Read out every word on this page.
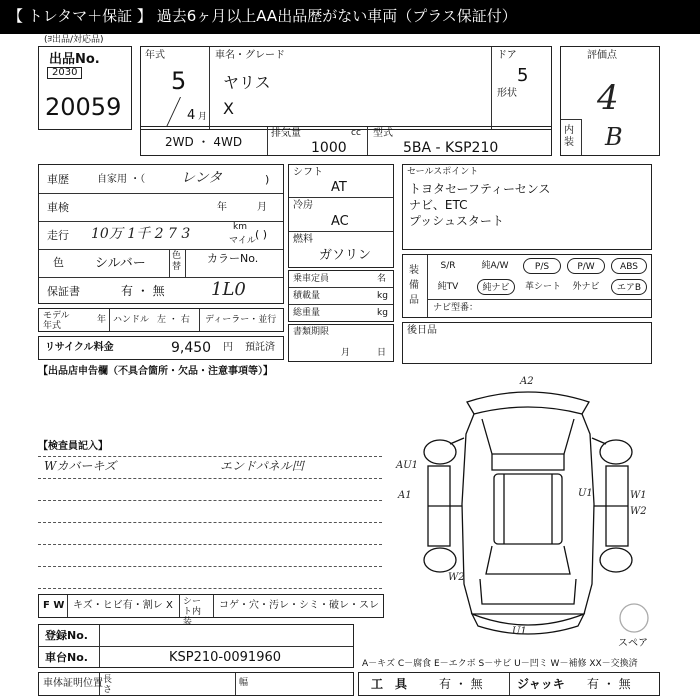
【 トレタマ＋保証 】 過去6ヶ月以上AA出品歴がない車両（プラス保証付）
(ﾖ出品/対応品)
出品No.
2030
20059
年式
5
4 月
車名・グレード
ヤリス
X
ドア
5
形状
2WD ・ 4WD
排気量	cc
1000
型式
5BA - KSP210
評価点
4
内装 B
車歴	自家用 ・（	レンタ	)
車検	年	月
走行 10万 1千 2 7 3	km
マイル ( )
色 シルバー	色替
カラーNo.
保証書	有 ・ 無	1L0
モデル年式
年 ハンドル 左 ・ 右 ディーラー・並行
リサイクル料金	9,450 円 預託済
シフト
AT
冷房
AC
燃料
ガソリン
乗車定員	名
積載量	kg
総重量	kg
書類期限
月	日
セールスポイント
トヨタセーフティーセンス
ナビ、ETC
プッシュスタート
装備品
S/R	純A/W	P/S	P/W	ABS
純TV	純ナビ	革シート	外ナビ	エアB
ナビ型番：
後日品
【出品店申告欄（不具合箇所・欠品・注意事項等）】
【検査員記入】
Wカバーキズ	エンドパネル凹
A2
AU1
A1	U1
W2
W1
W2
U1
スペア
F W キズ・ヒビ有・割レ X シート内装
コゲ・穴・汚レ・シミ・破レ・スレ
登録No.
車台No.	KSP210-0091960
車体証明位置 長さ
幅
A－キズ C－腐食 E－エクボ S－サビ U－凹ミ W－補修 XX－交換済
工　具	有 ・ 無	ジャッキ 有 ・ 無
